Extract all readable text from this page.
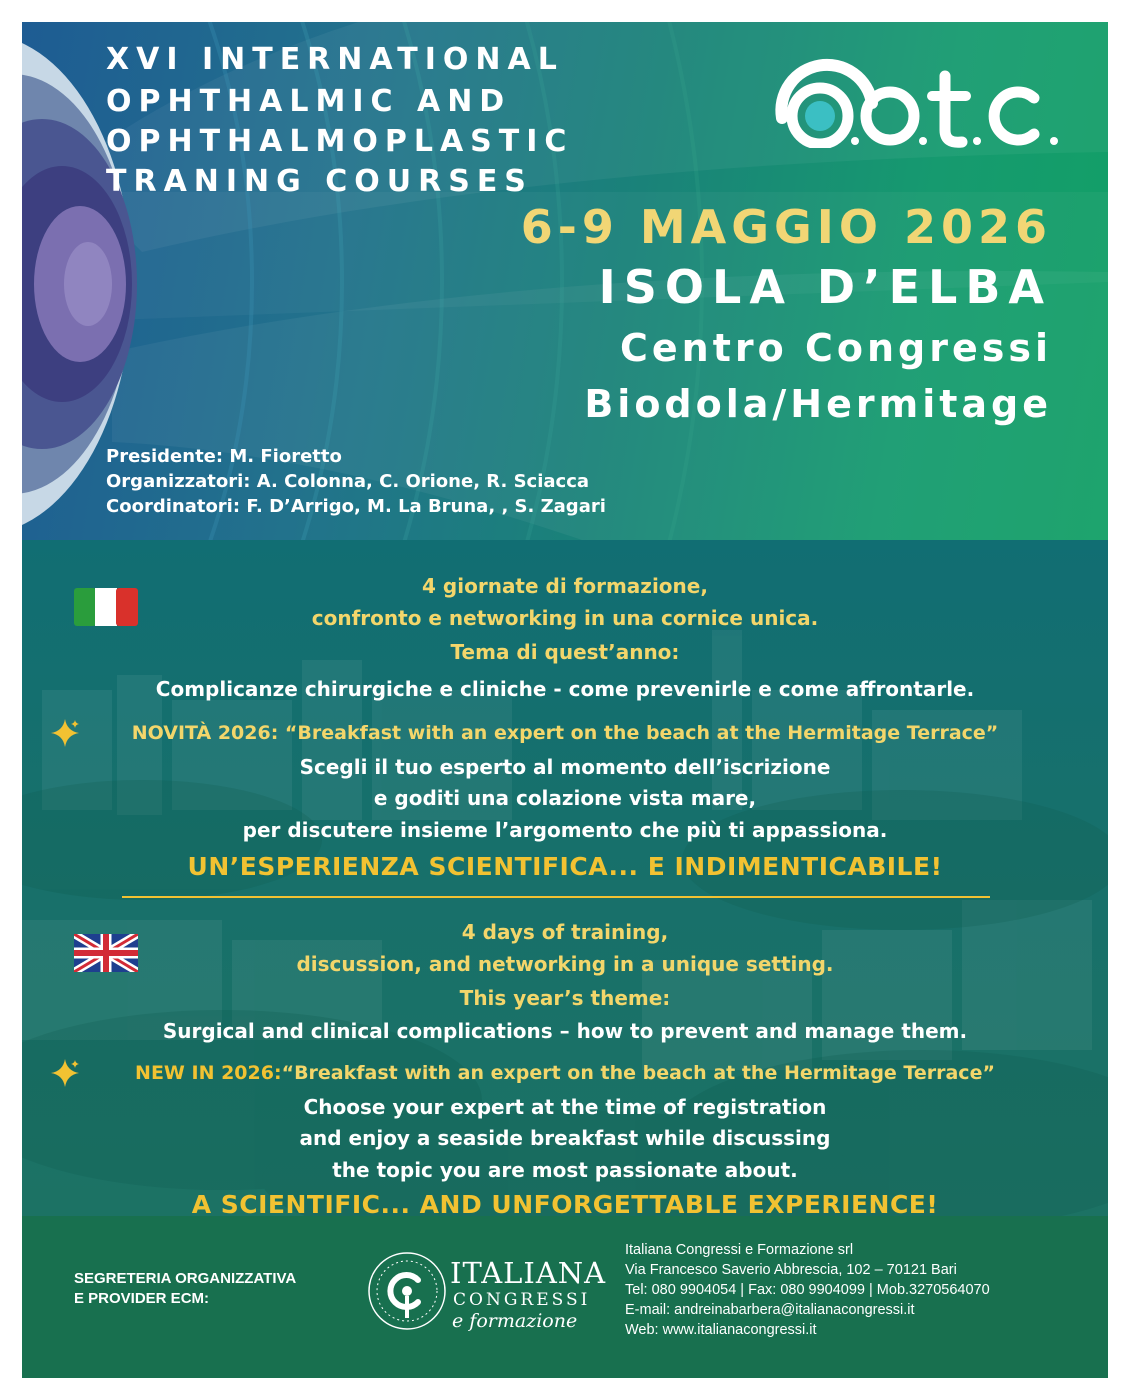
XVI INTERNATIONAL
OPHTHALMIC AND
OPHTHALMOPLASTIC
TRANING COURSES
6-9 MAGGIO 2026
ISOLA D’ELBA
Centro Congressi
Biodola/Hermitage
Presidente: M. Fioretto
Organizzatori: A. Colonna, C. Orione, R. Sciacca
Coordinatori: F. D’Arrigo, M. La Bruna, , S. Zagari
4 giornate di formazione,
confronto e networking in una cornice unica.
Tema di quest’anno:
Complicanze chirurgiche e cliniche - come prevenirle e come affrontarle.
NOVITÀ 2026: “Breakfast with an expert on the beach at the Hermitage Terrace”
Scegli il tuo esperto al momento dell’iscrizione
e goditi una colazione vista mare,
per discutere insieme l’argomento che più ti appassiona.
UN’ESPERIENZA SCIENTIFICA... E INDIMENTICABILE!
4 days of training,
discussion, and networking in a unique setting.
This year’s theme:
Surgical and clinical complications – how to prevent and manage them.
NEW IN 2026:“Breakfast with an expert on the beach at the Hermitage Terrace”
Choose your expert at the time of registration
and enjoy a seaside breakfast while discussing
the topic you are most passionate about.
A SCIENTIFIC... AND UNFORGETTABLE EXPERIENCE!
SEGRETERIA ORGANIZZATIVA
E PROVIDER ECM:
ITALIANA
CONGRESSI
e formazione
Italiana Congressi e Formazione srl
Via Francesco Saverio Abbrescia, 102 – 70121 Bari
Tel: 080 9904054 | Fax: 080 9904099 | Mob.3270564070
E-mail: andreinabarbera@italianacongressi.it
Web: www.italianacongressi.it
